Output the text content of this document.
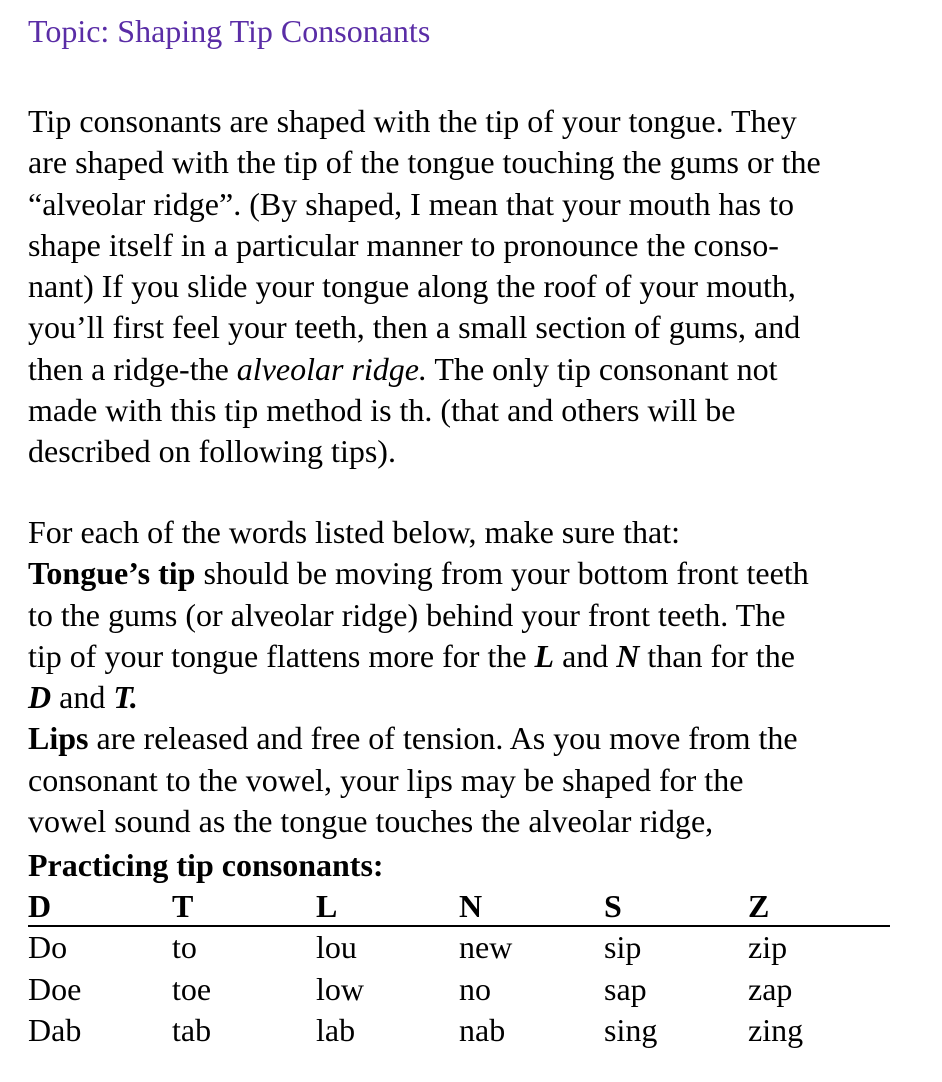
Topic: Shaping Tip Consonants

Tip consonants are shaped with the tip of your tongue. They
are shaped with the tip of the tongue touching the gums or the
“alveolar ridge”. (By shaped, I mean that your mouth has to
shape itself in a particular manner to pronounce the conso-
nant) If you slide your tongue along the roof of your mouth,
you’ll first feel your teeth, then a small section of gums, and
then a ridge-the alveolar ridge. The only tip consonant not
made with this tip method is th. (that and others will be
described on following tips).

For each of the words listed below, make sure that:
Tongue’s tip should be moving from your bottom front teeth
to the gums (or alveolar ridge) behind your front teeth. The
tip of your tongue flattens more for the L and N than for the
D and T.
Lips are released and free of tension. As you move from the
consonant to the vowel, your lips may be shaped for the
vowel sound as the tongue touches the alveolar ridge,

Practicing tip consonants:
D	T	L	N	S	Z
Do	to	lou	new	sip	zip
Doe	toe	low	no	sap	zap
Dab	tab	lab	nab	sing	zing
